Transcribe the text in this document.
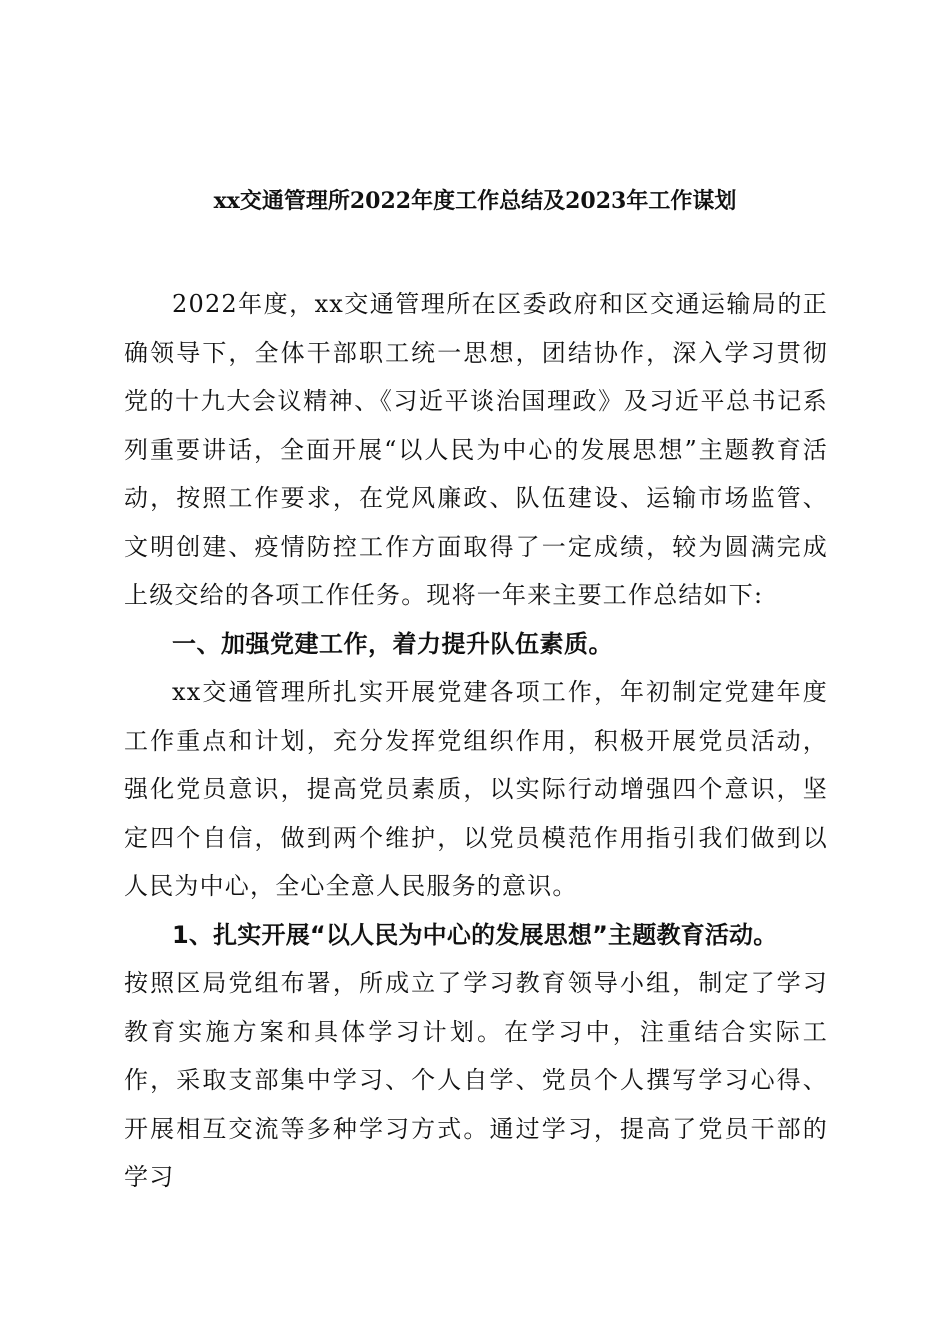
xx交通管理所2022年度工作总结及2023年工作谋划

2022年度，xx交通管理所在区委政府和区交通运输局的正确领导下，全体干部职工统一思想，团结协作，深入学习贯彻党的十九大会议精神、《习近平谈治国理政》及习近平总书记系列重要讲话，全面开展“以人民为中心的发展思想”主题教育活动，按照工作要求，在党风廉政、队伍建设、运输市场监管、文明创建、疫情防控工作方面取得了一定成绩，较为圆满完成上级交给的各项工作任务。现将一年来主要工作总结如下:

一、加强党建工作，着力提升队伍素质。

xx交通管理所扎实开展党建各项工作，年初制定党建年度工作重点和计划，充分发挥党组织作用，积极开展党员活动，强化党员意识，提高党员素质，以实际行动增强四个意识，坚定四个自信，做到两个维护，以党员模范作用指引我们做到以人民为中心，全心全意人民服务的意识。

1、扎实开展“以人民为中心的发展思想”主题教育活动。

按照区局党组布署，所成立了学习教育领导小组，制定了学习教育实施方案和具体学习计划。在学习中，注重结合实际工作，采取支部集中学习、个人自学、党员个人撰写学习心得、开展相互交流等多种学习方式。通过学习，提高了党员干部的学习
